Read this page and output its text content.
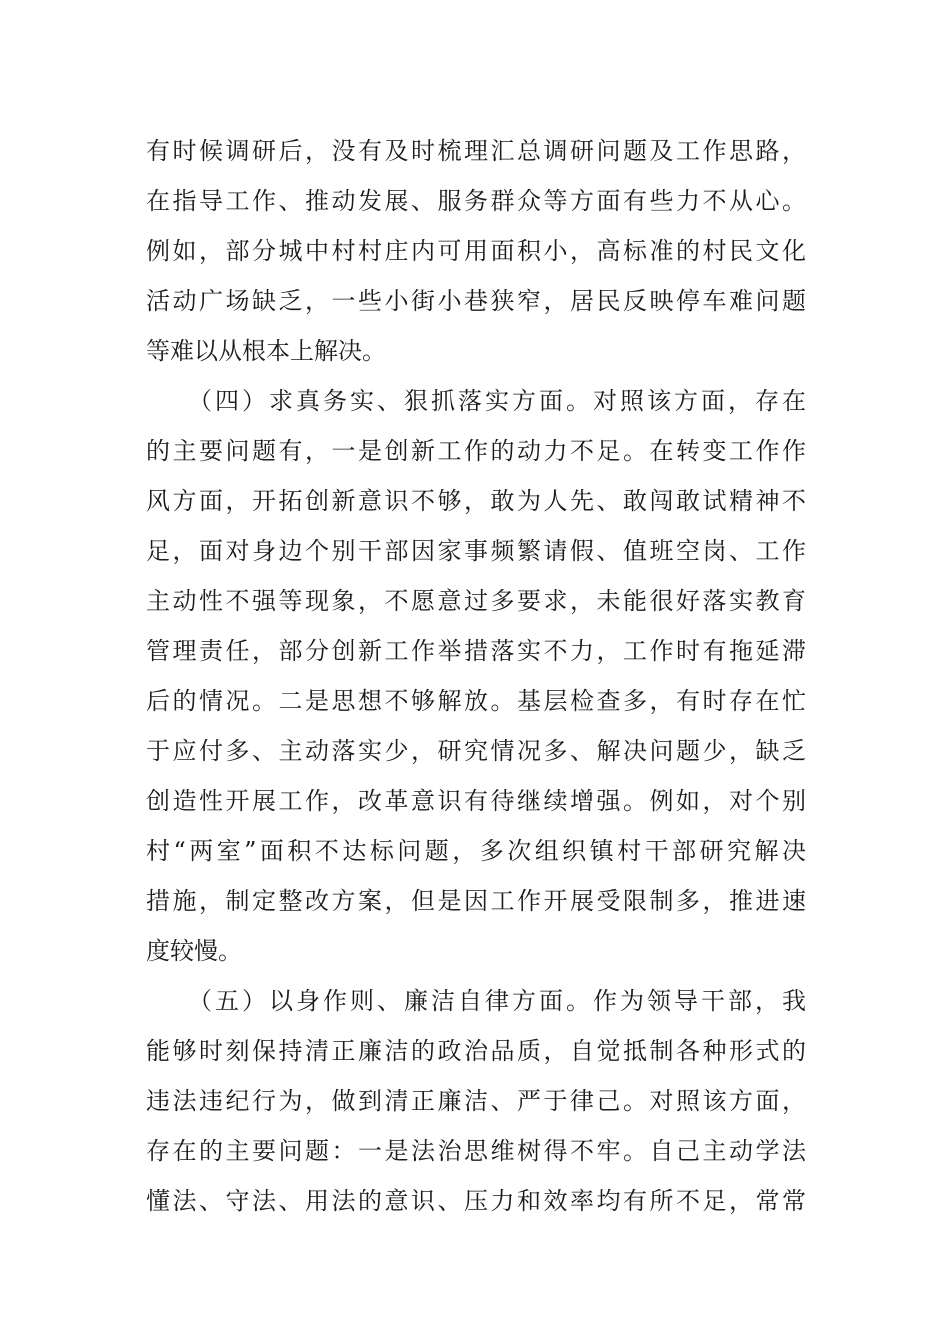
有时候调研后，没有及时梳理汇总调研问题及工作思路，
在指导工作、推动发展、服务群众等方面有些力不从心。
例如，部分城中村村庄内可用面积小，高标准的村民文化
活动广场缺乏，一些小街小巷狭窄，居民反映停车难问题
等难以从根本上解决。
　　（四）求真务实、狠抓落实方面。对照该方面，存在
的主要问题有，一是创新工作的动力不足。在转变工作作
风方面，开拓创新意识不够，敢为人先、敢闯敢试精神不
足，面对身边个别干部因家事频繁请假、值班空岗、工作
主动性不强等现象，不愿意过多要求，未能很好落实教育
管理责任，部分创新工作举措落实不力，工作时有拖延滞
后的情况。二是思想不够解放。基层检查多，有时存在忙
于应付多、主动落实少，研究情况多、解决问题少，缺乏
创造性开展工作，改革意识有待继续增强。例如，对个别
村“两室”面积不达标问题，多次组织镇村干部研究解决
措施，制定整改方案，但是因工作开展受限制多，推进速
度较慢。
　　（五）以身作则、廉洁自律方面。作为领导干部，我
能够时刻保持清正廉洁的政治品质，自觉抵制各种形式的
违法违纪行为，做到清正廉洁、严于律己。对照该方面，
存在的主要问题：一是法治思维树得不牢。自己主动学法
懂法、守法、用法的意识、压力和效率均有所不足，常常
